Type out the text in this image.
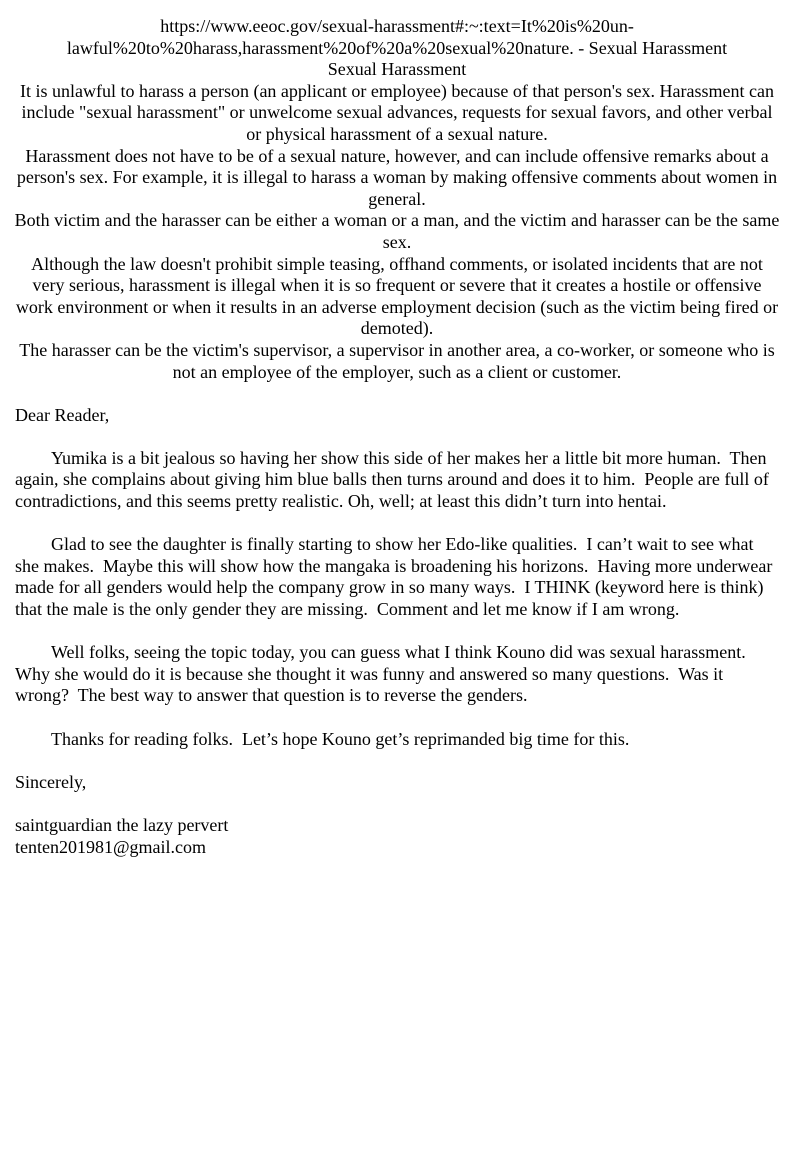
https://www.eeoc.gov/sexual-harassment#:~:text=It%20is%20un-
lawful%20to%20harass,harassment%20of%20a%20sexual%20nature. - Sexual Harassment
Sexual Harassment
It is unlawful to harass a person (an applicant or employee) because of that person's sex. Harassment can
include "sexual harassment" or unwelcome sexual advances, requests for sexual favors, and other verbal
or physical harassment of a sexual nature.
Harassment does not have to be of a sexual nature, however, and can include offensive remarks about a
person's sex. For example, it is illegal to harass a woman by making offensive comments about women in
general.
Both victim and the harasser can be either a woman or a man, and the victim and harasser can be the same
sex.
Although the law doesn't prohibit simple teasing, offhand comments, or isolated incidents that are not
very serious, harassment is illegal when it is so frequent or severe that it creates a hostile or offensive
work environment or when it results in an adverse employment decision (such as the victim being fired or
demoted).
The harasser can be the victim's supervisor, a supervisor in another area, a co-worker, or someone who is
not an employee of the employer, such as a client or customer.
Dear Reader,
Yumika is a bit jealous so having her show this side of her makes her a little bit more human.  Then
again, she complains about giving him blue balls then turns around and does it to him.  People are full of
contradictions, and this seems pretty realistic. Oh, well; at least this didn’t turn into hentai.
Glad to see the daughter is finally starting to show her Edo-like qualities.  I can’t wait to see what
she makes.  Maybe this will show how the mangaka is broadening his horizons.  Having more underwear
made for all genders would help the company grow in so many ways.  I THINK (keyword here is think)
that the male is the only gender they are missing.  Comment and let me know if I am wrong.
Well folks, seeing the topic today, you can guess what I think Kouno did was sexual harassment.
Why she would do it is because she thought it was funny and answered so many questions.  Was it
wrong?  The best way to answer that question is to reverse the genders.
Thanks for reading folks.  Let’s hope Kouno get’s reprimanded big time for this.
Sincerely,
saintguardian the lazy pervert
tenten201981@gmail.com
